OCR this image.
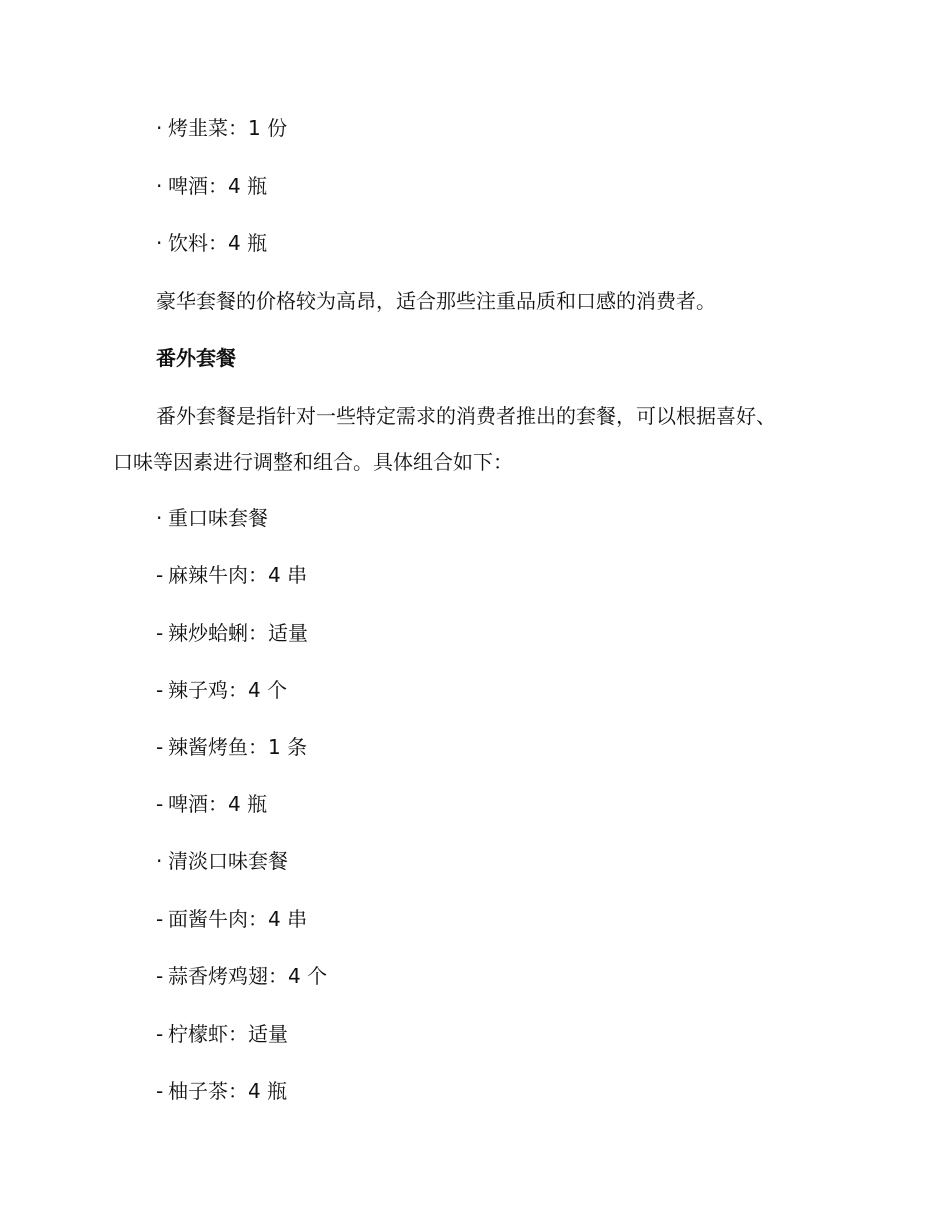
· 烤韭菜：1 份
· 啤酒：4 瓶
· 饮料：4 瓶
豪华套餐的价格较为高昂，适合那些注重品质和口感的消费者。
番外套餐
番外套餐是指针对一些特定需求的消费者推出的套餐，可以根据喜好、
口味等因素进行调整和组合。具体组合如下：
· 重口味套餐
- 麻辣牛肉：4 串
- 辣炒蛤蜊：适量
- 辣子鸡：4 个
- 辣酱烤鱼：1 条
- 啤酒：4 瓶
· 清淡口味套餐
- 面酱牛肉：4 串
- 蒜香烤鸡翅：4 个
- 柠檬虾：适量
- 柚子茶：4 瓶
